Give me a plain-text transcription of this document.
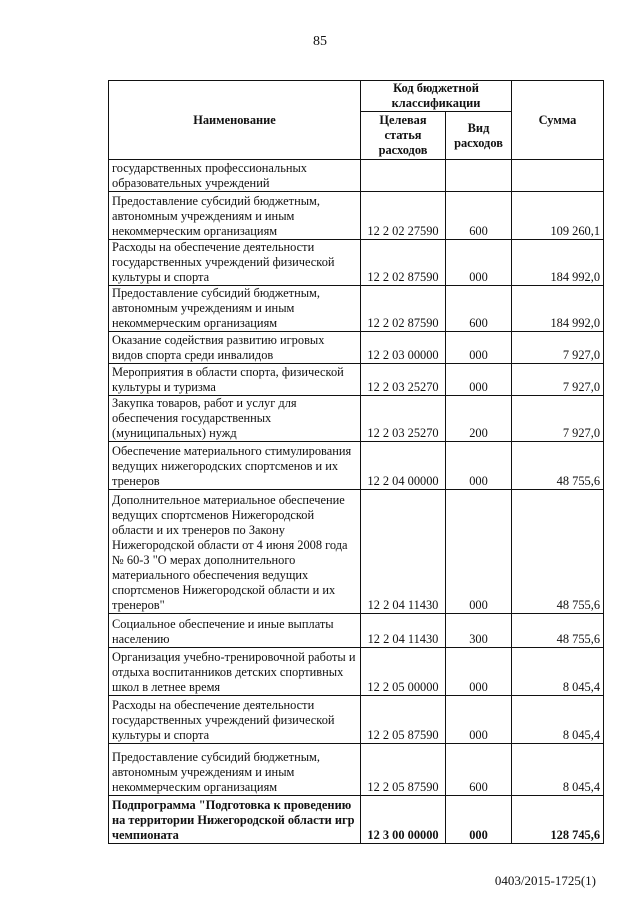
85
Наименование	Код бюджетной классификации		Сумма
	Целевая статья расходов	Вид расходов	
государственных профессиональных образовательных учреждений			
Предоставление субсидий бюджетным, автономным учреждениям и иным некоммерческим организациям	12 2 02 27590	600	109 260,1
Расходы на обеспечение деятельности государственных учреждений физической культуры и спорта	12 2 02 87590	000	184 992,0
Предоставление субсидий бюджетным, автономным учреждениям и иным некоммерческим организациям	12 2 02 87590	600	184 992,0
Оказание содействия развитию игровых видов спорта среди инвалидов	12 2 03 00000	000	7 927,0
Мероприятия в области спорта, физической культуры и туризма	12 2 03 25270	000	7 927,0
Закупка товаров, работ и услуг для обеспечения государственных (муниципальных) нужд	12 2 03 25270	200	7 927,0
Обеспечение материального стимулирования ведущих нижегородских спортсменов и их тренеров	12 2 04 00000	000	48 755,6
Дополнительное материальное обеспечение ведущих спортсменов Нижегородской области и их тренеров по Закону Нижегородской области от 4 июня 2008 года № 60-З "О мерах дополнительного материального обеспечения ведущих спортсменов Нижегородской области и их тренеров"	12 2 04 11430	000	48 755,6
Социальное обеспечение и иные выплаты населению	12 2 04 11430	300	48 755,6
Организация учебно-тренировочной работы и отдыха воспитанников детских спортивных школ в летнее время	12 2 05 00000	000	8 045,4
Расходы на обеспечение деятельности государственных учреждений физической культуры и спорта	12 2 05 87590	000	8 045,4
Предоставление субсидий бюджетным, автономным учреждениям и иным некоммерческим организациям	12 2 05 87590	600	8 045,4
Подпрограмма "Подготовка к проведению на территории Нижегородской области игр чемпионата	12 3 00 00000	000	128 745,6
0403/2015-1725(1)
